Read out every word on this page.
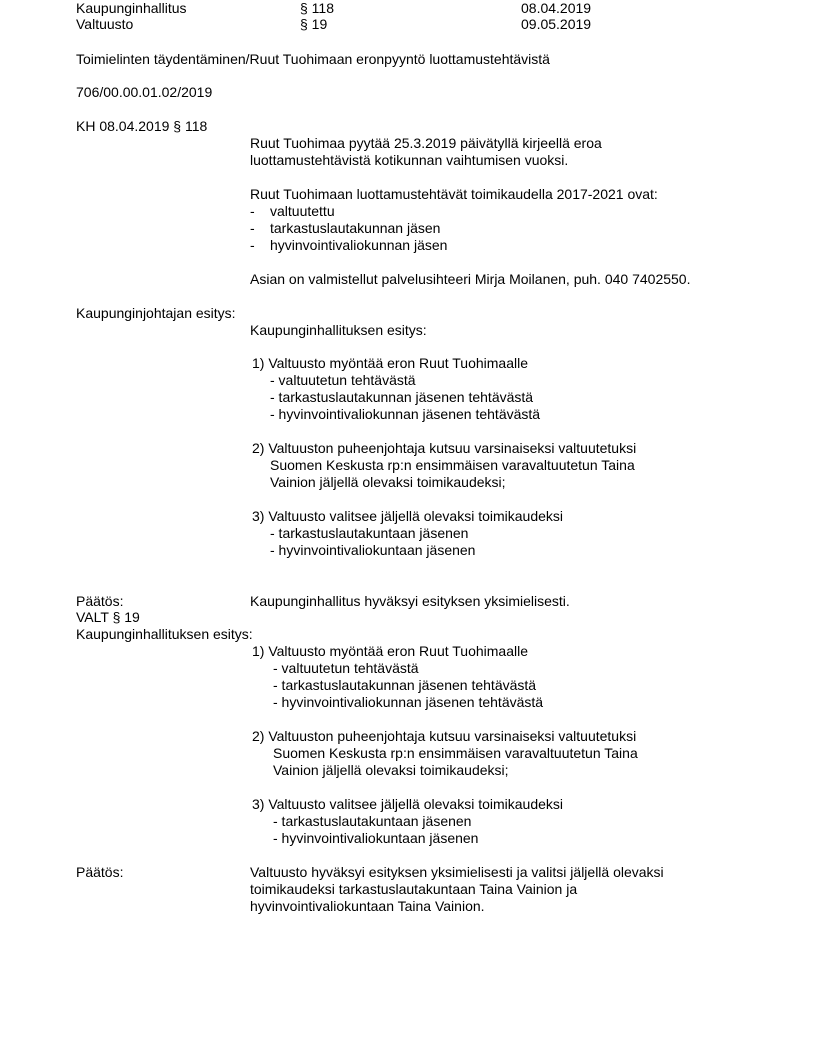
Kaupunginhallitus	§ 118	08.04.2019
Valtuusto	§ 19	09.05.2019
Toimielinten täydentäminen/Ruut Tuohimaan eronpyyntö luottamustehtävistä
706/00.00.01.02/2019
KH 08.04.2019 § 118
Ruut Tuohimaa pyytää 25.3.2019 päivätyllä kirjeellä eroa
luottamustehtävistä kotikunnan vaihtumisen vuoksi.
Ruut Tuohimaan luottamustehtävät toimikaudella 2017-2021 ovat:
- valtuutettu
- tarkastuslautakunnan jäsen
- hyvinvointivaliokunnan jäsen
Asian on valmistellut palvelusihteeri Mirja Moilanen, puh. 040 7402550.
Kaupunginjohtajan esitys:
Kaupunginhallituksen esitys:
1) Valtuusto myöntää eron Ruut Tuohimaalle
- valtuutetun tehtävästä
- tarkastuslautakunnan jäsenen tehtävästä
- hyvinvointivaliokunnan jäsenen tehtävästä
2) Valtuuston puheenjohtaja kutsuu varsinaiseksi valtuutetuksi
Suomen Keskusta rp:n ensimmäisen varavaltuutetun Taina
Vainion jäljellä olevaksi toimikaudeksi;
3) Valtuusto valitsee jäljellä olevaksi toimikaudeksi
- tarkastuslautakuntaan jäsenen
- hyvinvointivaliokuntaan jäsenen
Päätös:	Kaupunginhallitus hyväksyi esityksen yksimielisesti.
VALT § 19
Kaupunginhallituksen esitys:
1) Valtuusto myöntää eron Ruut Tuohimaalle
- valtuutetun tehtävästä
- tarkastuslautakunnan jäsenen tehtävästä
- hyvinvointivaliokunnan jäsenen tehtävästä
2) Valtuuston puheenjohtaja kutsuu varsinaiseksi valtuutetuksi
Suomen Keskusta rp:n ensimmäisen varavaltuutetun Taina
Vainion jäljellä olevaksi toimikaudeksi;
3) Valtuusto valitsee jäljellä olevaksi toimikaudeksi
- tarkastuslautakuntaan jäsenen
- hyvinvointivaliokuntaan jäsenen
Päätös:	Valtuusto hyväksyi esityksen yksimielisesti ja valitsi jäljellä olevaksi
toimikaudeksi tarkastuslautakuntaan Taina Vainion ja
hyvinvointivaliokuntaan Taina Vainion.
